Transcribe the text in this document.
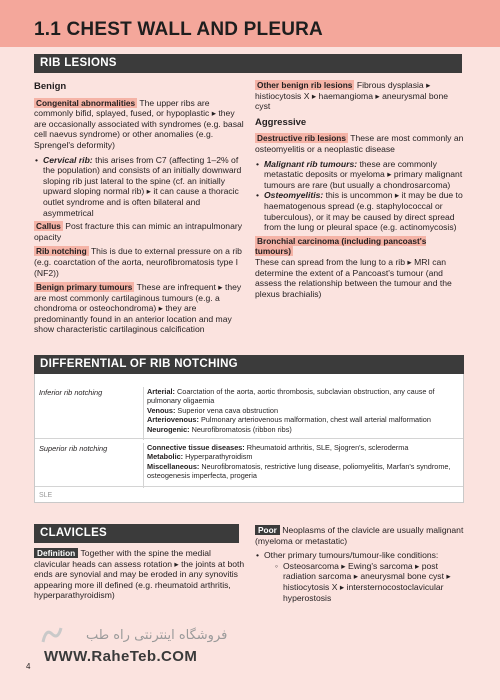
1.1 CHEST WALL AND PLEURA
RIB LESIONS
Benign
Congenital abnormalities The upper ribs are commonly bifid, splayed, fused, or hypoplastic ▸ they are occasionally associated with syndromes (e.g. basal cell naevus syndrome) or other anomalies (e.g. Sprengel's deformity)
• Cervical rib: this arises from C7 (affecting 1–2% of the population) and consists of an initially downward sloping rib just lateral to the spine (cf. an initially upward sloping normal rib) ▸ it can cause a thoracic outlet syndrome and is often bilateral and asymmetrical
Callus Post fracture this can mimic an intrapulmonary opacity
Rib notching This is due to external pressure on a rib (e.g. coarctation of the aorta, neurofibromatosis type I (NF2))
Benign primary tumours These are infrequent ▸ they are most commonly cartilaginous tumours (e.g. a chondroma or osteochondroma) ▸ they are predominantly found in an anterior location and may show characteristic cartilaginous calcification
Other benign rib lesions Fibrous dysplasia ▸ histiocytosis X ▸ haemangioma ▸ aneurysmal bone cyst
Aggressive
Destructive rib lesions These are most commonly an osteomyelitis or a neoplastic disease
• Malignant rib tumours: these are commonly metastatic deposits or myeloma ▸ primary malignant tumours are rare (but usually a chondrosarcoma)
• Osteomyelitis: this is uncommon ▸ it may be due to haematogenous spread (e.g. staphylococcal or tuberculous), or it may be caused by direct spread from the lung or pleural space (e.g. actinomycosis)
Bronchial carcinoma (including pancoast's tumours)
These can spread from the lung to a rib ▸ MRI can determine the extent of a Pancoast's tumour (and assess the relationship between the tumour and the plexus brachialis)
DIFFERENTIAL OF RIB NOTCHING
Inferior rib notching	Arterial: Coarctation of the aorta, aortic thrombosis, subclavian obstruction, any cause of pulmonary oligaemia
Venous: Superior vena cava obstruction
Arteriovenous: Pulmonary arteriovenous malformation, chest wall arterial malformation
Neurogenic: Neurofibromatosis (ribbon ribs)
Superior rib notching	Connective tissue diseases: Rheumatoid arthritis, SLE, Sjogren's, scleroderma
Metabolic: Hyperparathyroidism
Miscellaneous: Neurofibromatosis, restrictive lung disease, poliomyelitis, Marfan's syndrome, osteogenesis imperfecta, progeria
SLE
CLAVICLES
Definition Together with the spine the medial clavicular heads can assess rotation ▸ the joints at both ends are synovial and may be eroded in any synovitis appearing more ill defined (e.g. rheumatoid arthritis, hyperparathyroidism)
Poor Neoplasms of the clavicle are usually malignant (myeloma or metastatic)
• Other primary tumours/tumour-like conditions:
◦ Osteosarcoma ▸ Ewing's sarcoma ▸ post radiation sarcoma ▸ aneurysmal bone cyst ▸ histiocytosis X ▸ intersternocostoclavicular hyperostosis
فروشگاه اینترنتی راه طب
WWW.RaheTeb.COM
4
